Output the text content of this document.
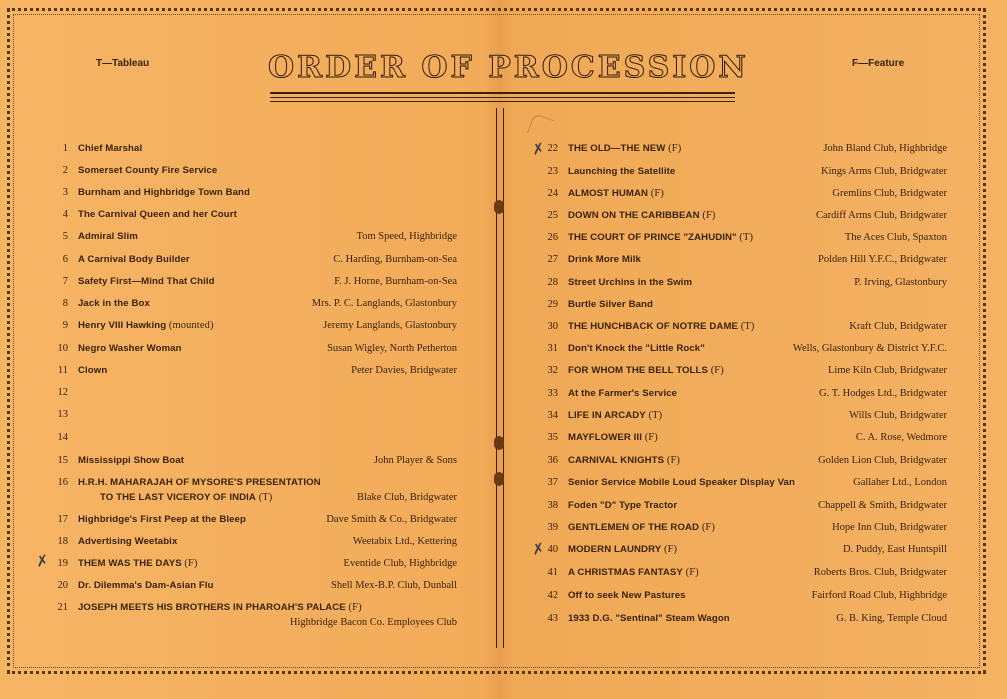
T—Tableau	F—Feature
ORDER OF PROCESSION
1 Chief Marshal
2 Somerset County Fire Service
3 Burnham and Highbridge Town Band
4 The Carnival Queen and her Court
5 Admiral Slim	Tom Speed, Highbridge
6 A Carnival Body Builder	C. Harding, Burnham-on-Sea
7 Safety First—Mind That Child	F. J. Horne, Burnham-on-Sea
8 Jack in the Box	Mrs. P. C. Langlands, Glastonbury
9 Henry VIII Hawking (mounted)	Jeremy Langlands, Glastonbury
10 Negro Washer Woman	Susan Wigley, North Petherton
11 Clown	Peter Davies, Bridgwater
12
13
14
15 Mississippi Show Boat	John Player & Sons
16 H.R.H. MAHARAJAH OF MYSORE'S PRESENTATION
TO THE LAST VICEROY OF INDIA (T)	Blake Club, Bridgwater
17 Highbridge's First Peep at the Bleep	Dave Smith & Co., Bridgwater
18 Advertising Weetabix	Weetabix Ltd., Kettering
19 THEM WAS THE DAYS (F)	Eventide Club, Highbridge
20 Dr. Dilemma's Dam-Asian Flu	Shell Mex-B.P. Club, Dunball
21 JOSEPH MEETS HIS BROTHERS IN PHAROAH'S PALACE (F)
Highbridge Bacon Co. Employees Club
22 THE OLD—THE NEW (F)	John Bland Club, Highbridge
23 Launching the Satellite	Kings Arms Club, Bridgwater
24 ALMOST HUMAN (F)	Gremlins Club, Bridgwater
25 DOWN ON THE CARIBBEAN (F)	Cardiff Arms Club, Bridgwater
26 THE COURT OF PRINCE "ZAHUDIN" (T)	The Aces Club, Spaxton
27 Drink More Milk	Polden Hill Y.F.C., Bridgwater
28 Street Urchins in the Swim	P. Irving, Glastonbury
29 Burtle Silver Band
30 THE HUNCHBACK OF NOTRE DAME (T)	Kraft Club, Bridgwater
31 Don't Knock the "Little Rock"	Wells, Glastonbury & District Y.F.C.
32 FOR WHOM THE BELL TOLLS (F)	Lime Kiln Club, Bridgwater
33 At the Farmer's Service	G. T. Hodges Ltd., Bridgwater
34 LIFE IN ARCADY (T)	Wills Club, Bridgwater
35 MAYFLOWER III (F)	C. A. Rose, Wedmore
36 CARNIVAL KNIGHTS (F)	Golden Lion Club, Bridgwater
37 Senior Service Mobile Loud Speaker Display Van	Gallaher Ltd., London
38 Foden "D" Type Tractor	Chappell & Smith, Bridgwater
39 GENTLEMEN OF THE ROAD (F)	Hope Inn Club, Bridgwater
40 MODERN LAUNDRY (F)	D. Puddy, East Huntspill
41 A CHRISTMAS FANTASY (F)	Roberts Bros. Club, Bridgwater
42 Off to seek New Pastures	Fairford Road Club, Highbridge
43 1933 D.G. "Sentinal" Steam Wagon	G. B. King, Temple Cloud
✗
✗
✗
